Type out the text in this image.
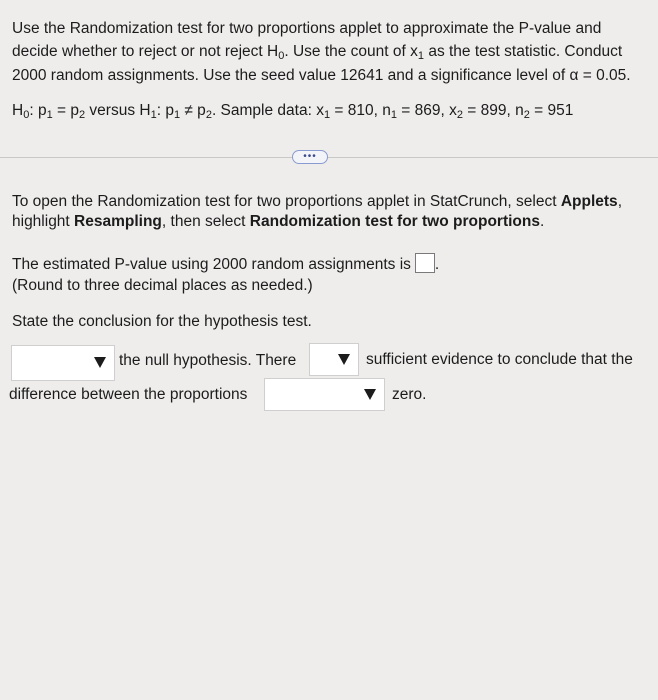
Use the Randomization test for two proportions applet to approximate the P-value and
decide whether to reject or not reject $H_0$. Use the count of $x_1$ as the test statistic. Conduct
2000 random assignments. Use the seed value 12641 and a significance level of α = 0.05.
$H_0$: $p_1 = p_2$ versus $H_1$: $p_1 \ne p_2$. Sample data: $x_1 = 810$, $n_1 = 869$, $x_2 = 899$, $n_2 = 951$
•••
To open the Randomization test for two proportions applet in StatCrunch, select Applets,
highlight Resampling, then select Randomization test for two proportions.
The estimated P-value using 2000 random assignments is .
(Round to three decimal places as needed.)
State the conclusion for the hypothesis test.
the null hypothesis. There	sufficient evidence to conclude that the
difference between the proportions	zero.
